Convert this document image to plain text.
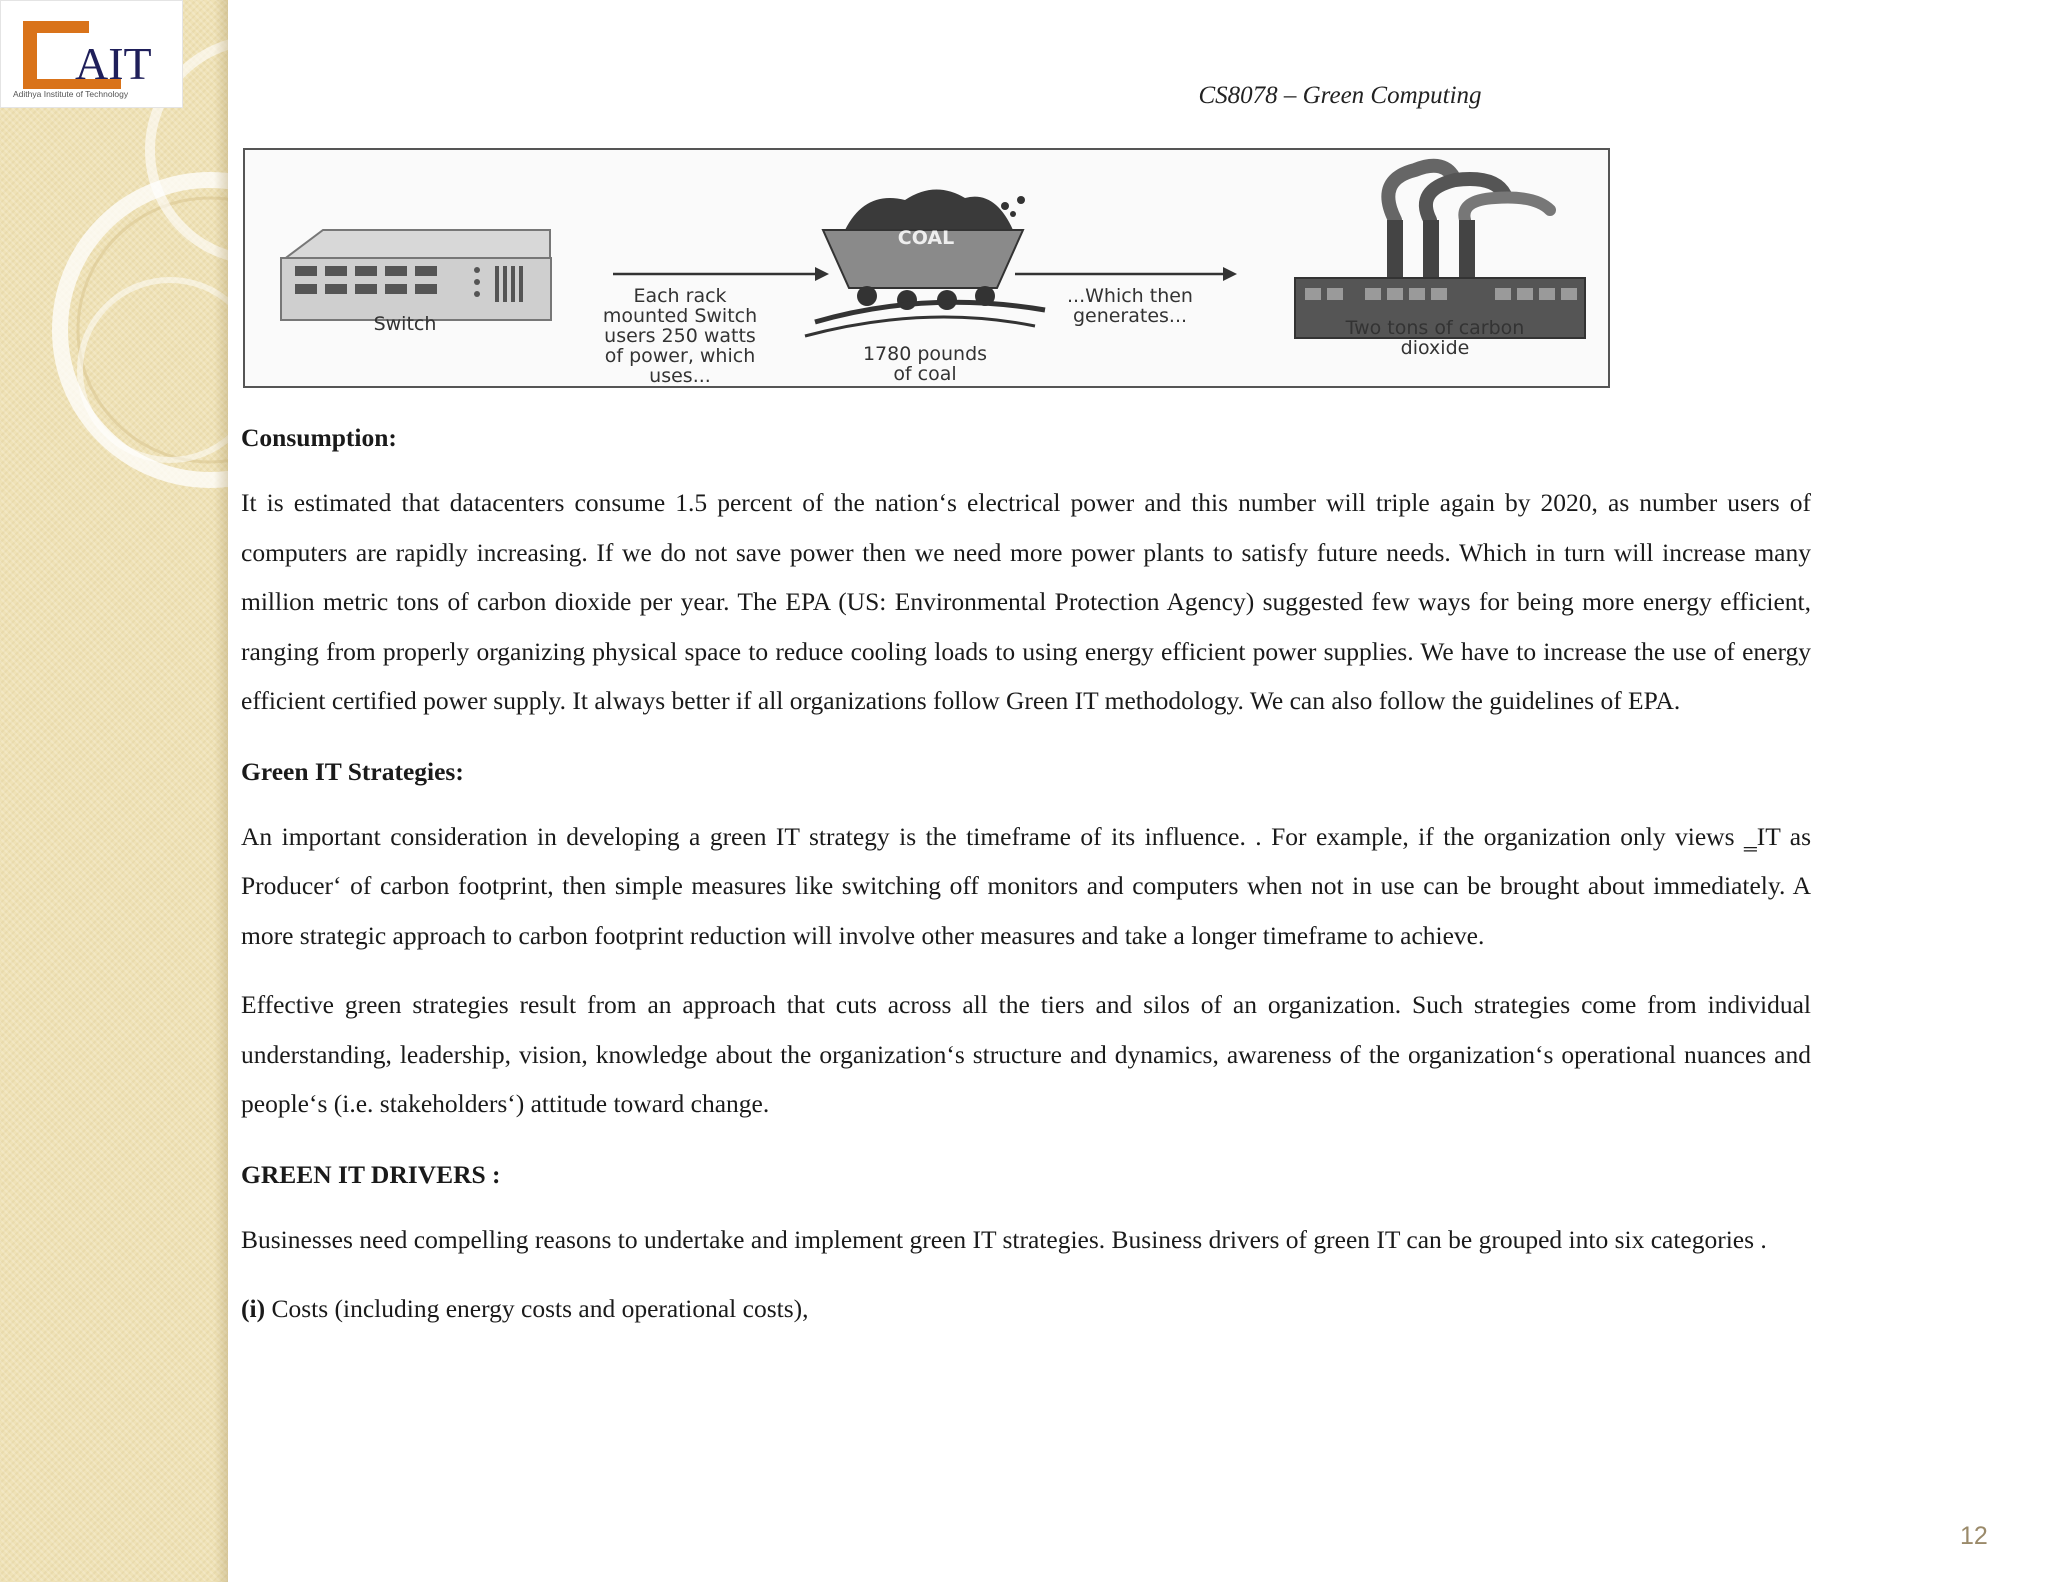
AIT
Adithya Institute of Technology	CS8078 – Green Computing
Switch
Each rack
mounted Switch
users 250 watts
of power, which
uses...
COAL
1780 pounds
of coal
...Which then
generates...
Two tons of carbon
dioxide

Consumption:

It is estimated that datacenters consume 1.5 percent of the nation‘s electrical power and this number will triple again by 2020, as number users of computers are rapidly increasing. If we do not save power then we need more power plants to satisfy future needs. Which in turn will increase many million metric tons of carbon dioxide per year. The EPA (US: Environmental Protection Agency) suggested few ways for being more energy efficient, ranging from properly organizing physical space to reduce cooling loads to using energy efficient power supplies. We have to increase the use of energy efficient certified power supply. It always better if all organizations follow Green IT methodology. We can also follow the guidelines of EPA.

Green IT Strategies:

An important consideration in developing a green IT strategy is the timeframe of its influence. . For example, if the organization only views ‗IT as Producer‘ of carbon footprint, then simple measures like switching off monitors and computers when not in use can be brought about immediately. A more strategic approach to carbon footprint reduction will involve other measures and take a longer timeframe to achieve.

Effective green strategies result from an approach that cuts across all the tiers and silos of an organization. Such strategies come from individual understanding, leadership, vision, knowledge about the organization‘s structure and dynamics, awareness of the organization‘s operational nuances and people‘s (i.e. stakeholders‘) attitude toward change.

GREEN IT DRIVERS :

Businesses need compelling reasons to undertake and implement green IT strategies. Business drivers of green IT can be grouped into six categories .

(i) Costs (including energy costs and operational costs),

12
